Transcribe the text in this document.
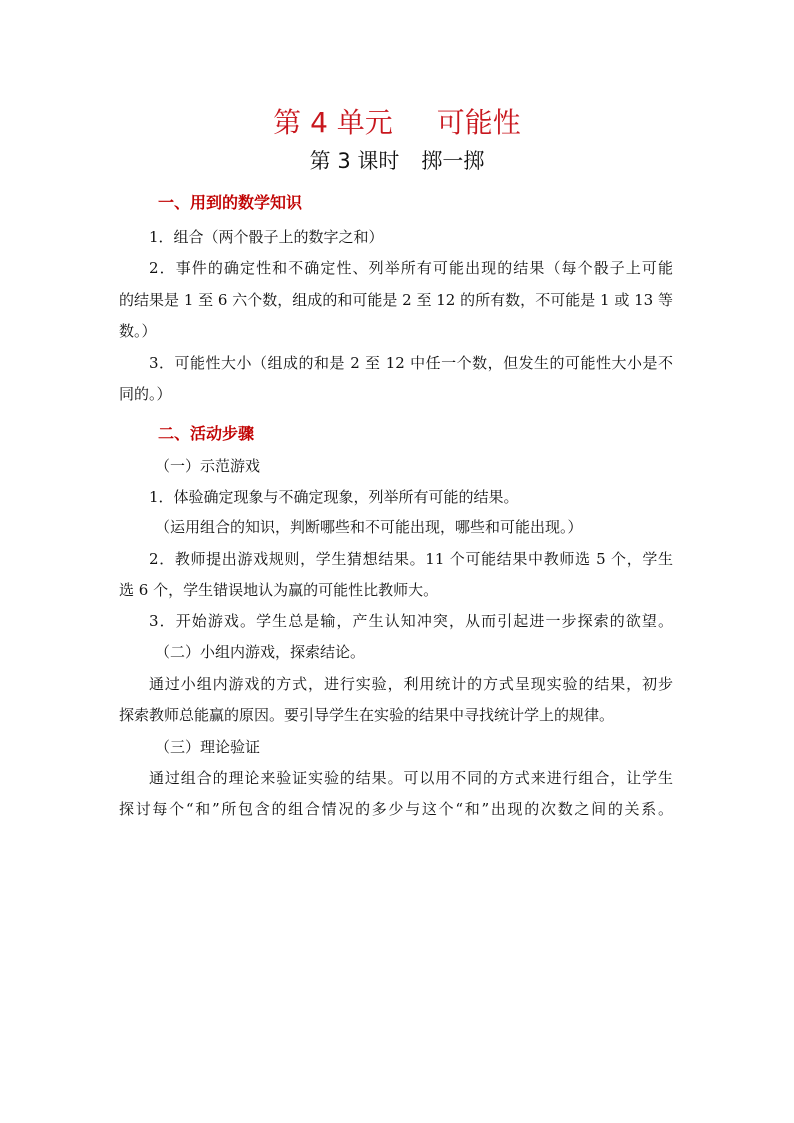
第 4 单元 可能性
第 3 课时 掷一掷
一、用到的数学知识
1．组合（两个骰子上的数字之和）
2．事件的确定性和不确定性、列举所有可能出现的结果（每个骰子上可能
的结果是 1 至 6 六个数，组成的和可能是 2 至 12 的所有数，不可能是 1 或 13 等
数。）
3．可能性大小（组成的和是 2 至 12 中任一个数，但发生的可能性大小是不
同的。）
二、活动步骤
（一）示范游戏
1．体验确定现象与不确定现象，列举所有可能的结果。
（运用组合的知识，判断哪些和不可能出现，哪些和可能出现。）
2．教师提出游戏规则，学生猜想结果。11 个可能结果中教师选 5 个，学生
选 6 个，学生错误地认为赢的可能性比教师大。
3．开始游戏。学生总是输，产生认知冲突，从而引起进一步探索的欲望。
（二）小组内游戏，探索结论。
通过小组内游戏的方式，进行实验，利用统计的方式呈现实验的结果，初步
探索教师总能赢的原因。要引导学生在实验的结果中寻找统计学上的规律。
（三）理论验证
通过组合的理论来验证实验的结果。可以用不同的方式来进行组合，让学生
探讨每个“和”所包含的组合情况的多少与这个“和”出现的次数之间的关系。
